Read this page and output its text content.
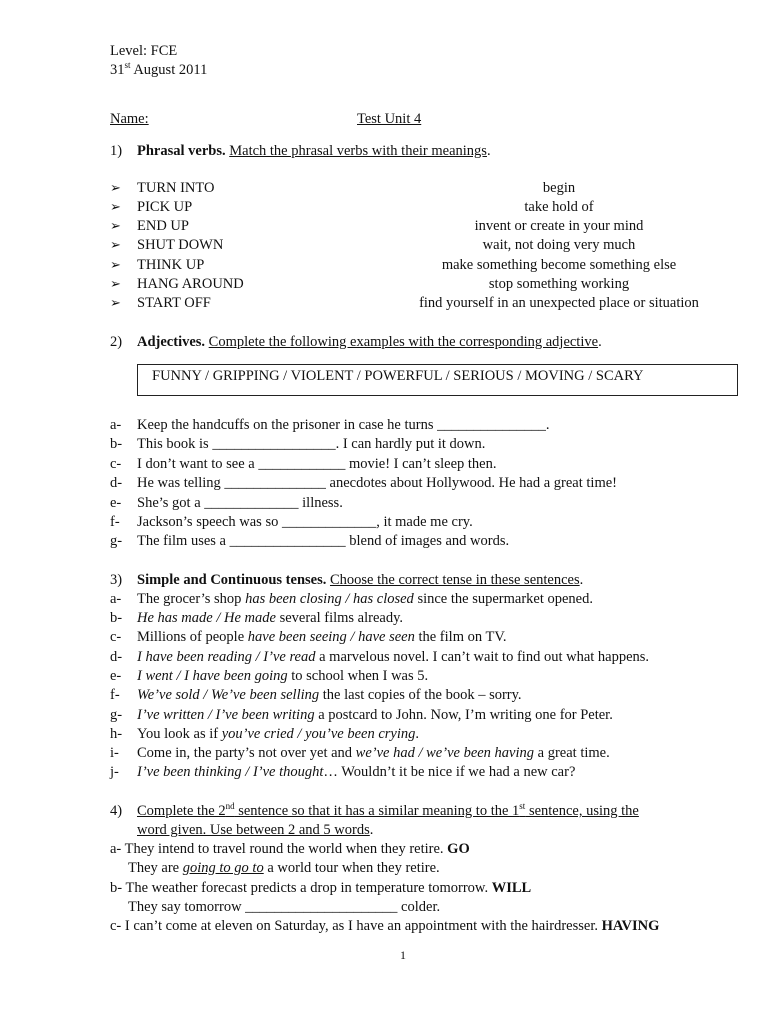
Level: FCE
31st August 2011
Name:	Test Unit 4
1) Phrasal verbs. Match the phrasal verbs with their meanings.
➢ TURN INTO	begin
➢ PICK UP	take hold of
➢ END UP	invent or create in your mind
➢ SHUT DOWN	wait, not doing very much
➢ THINK UP	make something become something else
➢ HANG AROUND	stop something working
➢ START OFF	find yourself in an unexpected place or situation
2) Adjectives. Complete the following examples with the corresponding adjective.
FUNNY / GRIPPING / VIOLENT / POWERFUL / SERIOUS / MOVING / SCARY
a- Keep the handcuffs on the prisoner in case he turns _______________.
b- This book is _________________. I can hardly put it down.
c- I don’t want to see a ____________ movie! I can’t sleep then.
d- He was telling ______________ anecdotes about Hollywood. He had a great time!
e- She’s got a _____________ illness.
f- Jackson’s speech was so _____________, it made me cry.
g- The film uses a ________________ blend of images and words.
3) Simple and Continuous tenses. Choose the correct tense in these sentences.
a- The grocer’s shop has been closing / has closed since the supermarket opened.
b- He has made / He made several films already.
c- Millions of people have been seeing / have seen the film on TV.
d- I have been reading / I’ve read a marvelous novel. I can’t wait to find out what happens.
e- I went / I have been going to school when I was 5.
f- We’ve sold / We’ve been selling the last copies of the book – sorry.
g- I’ve written / I’ve been writing a postcard to John. Now, I’m writing one for Peter.
h- You look as if you’ve cried / you’ve been crying.
i- Come in, the party’s not over yet and we’ve had / we’ve been having a great time.
j- I’ve been thinking / I’ve thought… Wouldn’t it be nice if we had a new car?
4) Complete the 2nd sentence so that it has a similar meaning to the 1st sentence, using the
word given. Use between 2 and 5 words.
a- They intend to travel round the world when they retire. GO
They are going to go to a world tour when they retire.
b- The weather forecast predicts a drop in temperature tomorrow. WILL
They say tomorrow _____________________ colder.
c- I can’t come at eleven on Saturday, as I have an appointment with the hairdresser. HAVING
1
